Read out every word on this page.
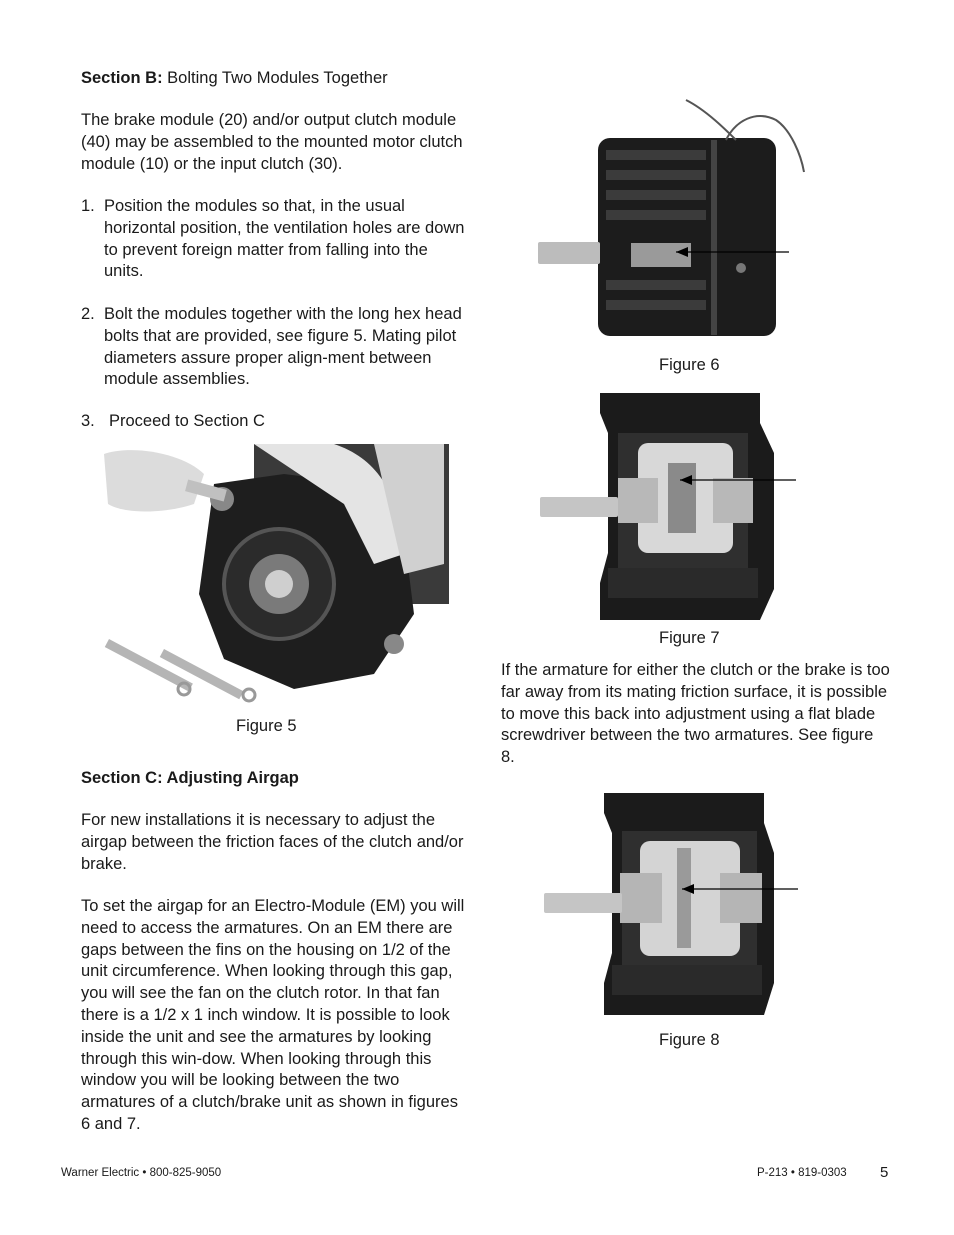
Section B: Bolting Two Modules Together
The brake module (20) and/or output clutch module (40) may be assembled to the mounted motor clutch module (10) or the input clutch (30).
1. Position the modules so that, in the usual horizontal position, the ventilation holes are down to prevent foreign matter from falling into the units.
2. Bolt the modules together with the long hex head bolts that are provided, see figure 5. Mating pilot diameters assure proper align-ment between module assemblies.
3. Proceed to Section C
Figure 5
Section C: Adjusting Airgap
For new installations it is necessary to adjust the airgap between the friction faces of the clutch and/or brake.
To set the airgap for an Electro-Module (EM) you will need to access the armatures. On an EM there are gaps between the fins on the housing on 1/2 of the unit circumference. When looking through this gap, you will see the fan on the clutch rotor. In that fan there is a 1/2 x 1 inch window. It is possible to look inside the unit and see the armatures by looking through this win-dow. When looking through this window you will be looking between the two armatures of a clutch/brake unit as shown in figures 6 and 7.
Figure 6
Figure 7
If the armature for either the clutch or the brake is too far away from its mating friction surface, it is possible to move this back into adjustment using a flat blade screwdriver between the two armatures. See figure 8.
Figure 8
Warner Electric • 800-825-9050	P-213 • 819-0303 5
